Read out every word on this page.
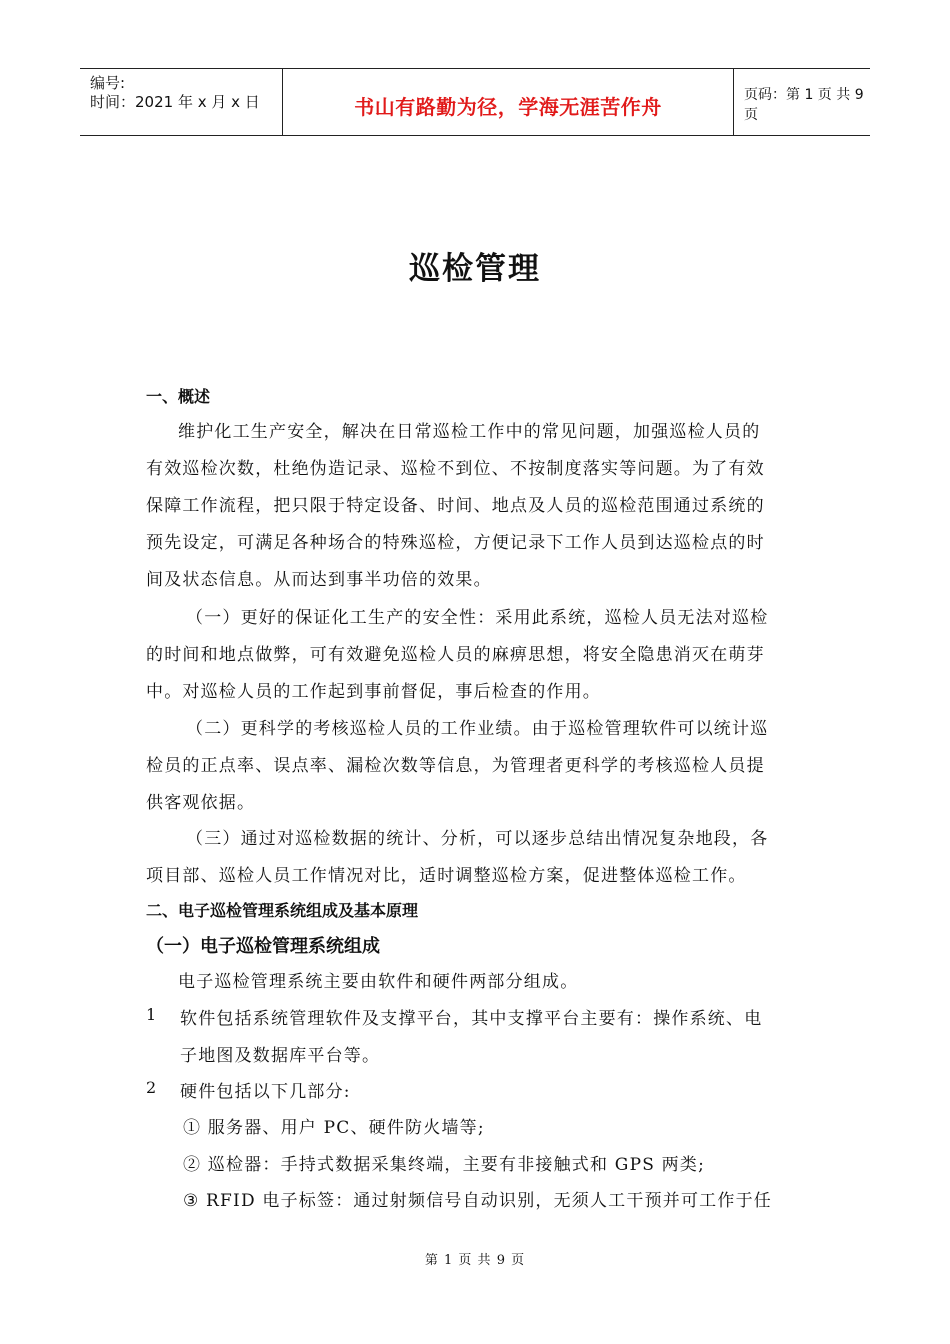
编号:
时间：2021 年 x 月 x 日	书山有路勤为径，学海无涯苦作舟	页码：第 1 页 共 9 页
巡检管理
一、概述
维护化工生产安全，解决在日常巡检工作中的常见问题，加强巡检人员的
有效巡检次数，杜绝伪造记录、巡检不到位、不按制度落实等问题。为了有效
保障工作流程，把只限于特定设备、时间、地点及人员的巡检范围通过系统的
预先设定，可满足各种场合的特殊巡检，方便记录下工作人员到达巡检点的时
间及状态信息。从而达到事半功倍的效果。
（一）更好的保证化工生产的安全性：采用此系统，巡检人员无法对巡检
的时间和地点做弊，可有效避免巡检人员的麻痹思想，将安全隐患消灭在萌芽
中。对巡检人员的工作起到事前督促，事后检查的作用。
（二）更科学的考核巡检人员的工作业绩。由于巡检管理软件可以统计巡
检员的正点率、误点率、漏检次数等信息，为管理者更科学的考核巡检人员提
供客观依据。
（三）通过对巡检数据的统计、分析，可以逐步总结出情况复杂地段，各
项目部、巡检人员工作情况对比，适时调整巡检方案，促进整体巡检工作。
二、电子巡检管理系统组成及基本原理
（一）电子巡检管理系统组成
电子巡检管理系统主要由软件和硬件两部分组成。
1 软件包括系统管理软件及支撑平台，其中支撑平台主要有：操作系统、电
子地图及数据库平台等。
2 硬件包括以下几部分:
① 服务器、用户 PC、硬件防火墙等;
② 巡检器：手持式数据采集终端，主要有非接触式和 GPS 两类;
③ RFID 电子标签：通过射频信号自动识别，无须人工干预并可工作于任
第 1 页 共 9 页
